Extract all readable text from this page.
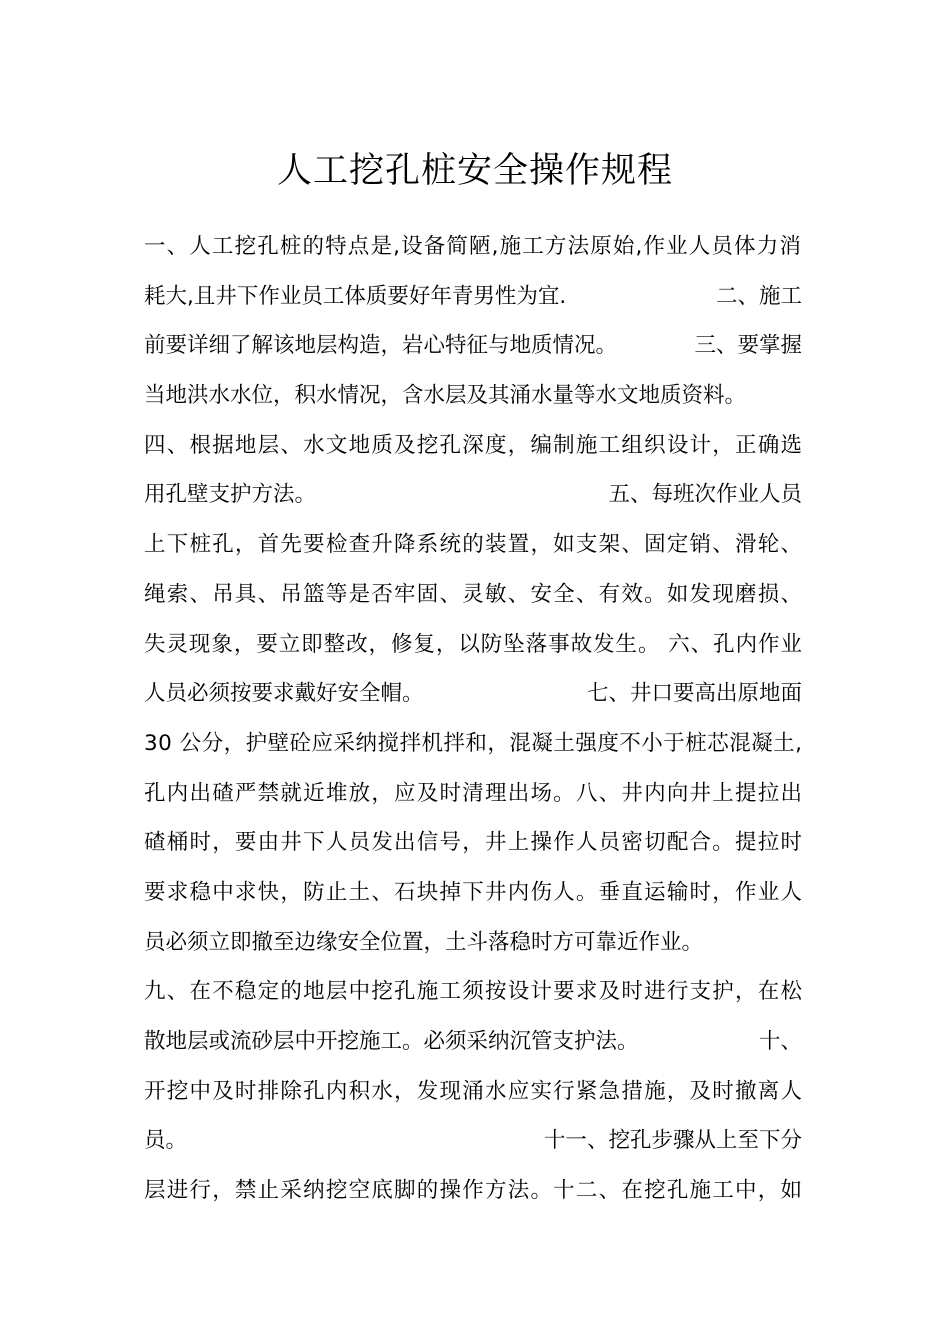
人工挖孔桩安全操作规程
一、人工挖孔桩的特点是,设备简陋,施工方法原始,作业人员体力消
耗大,且井下作业员工体质要好年青男性为宜.	二、施工
前要详细了解该地层构造，岩心特征与地质情况。	三、要掌握
当地洪水水位，积水情况，含水层及其涌水量等水文地质资料。
四、根据地层、水文地质及挖孔深度，编制施工组织设计，正确选
用孔壁支护方法。	五、每班次作业人员
上下桩孔，首先要检查升降系统的装置，如支架、固定销、滑轮、
绳索、吊具、吊篮等是否牢固、灵敏、安全、有效。如发现磨损、
失灵现象，要立即整改，修复，以防坠落事故发生。 六、孔内作业
人员必须按要求戴好安全帽。	七、井口要高出原地面
30 公分，护壁砼应采纳搅拌机拌和，混凝土强度不小于桩芯混凝土,
孔内出碴严禁就近堆放，应及时清理出场。八、井内向井上提拉出
碴桶时，要由井下人员发出信号，井上操作人员密切配合。提拉时
要求稳中求快，防止土、石块掉下井内伤人。垂直运输时，作业人
员必须立即撤至边缘安全位置，土斗落稳时方可靠近作业。
九、在不稳定的地层中挖孔施工须按设计要求及时进行支护，在松
散地层或流砂层中开挖施工。必须采纳沉管支护法。	十、
开挖中及时排除孔内积水，发现涌水应实行紧急措施，及时撤离人
员。	十一、挖孔步骤从上至下分
层进行，禁止采纳挖空底脚的操作方法。十二、在挖孔施工中，如
